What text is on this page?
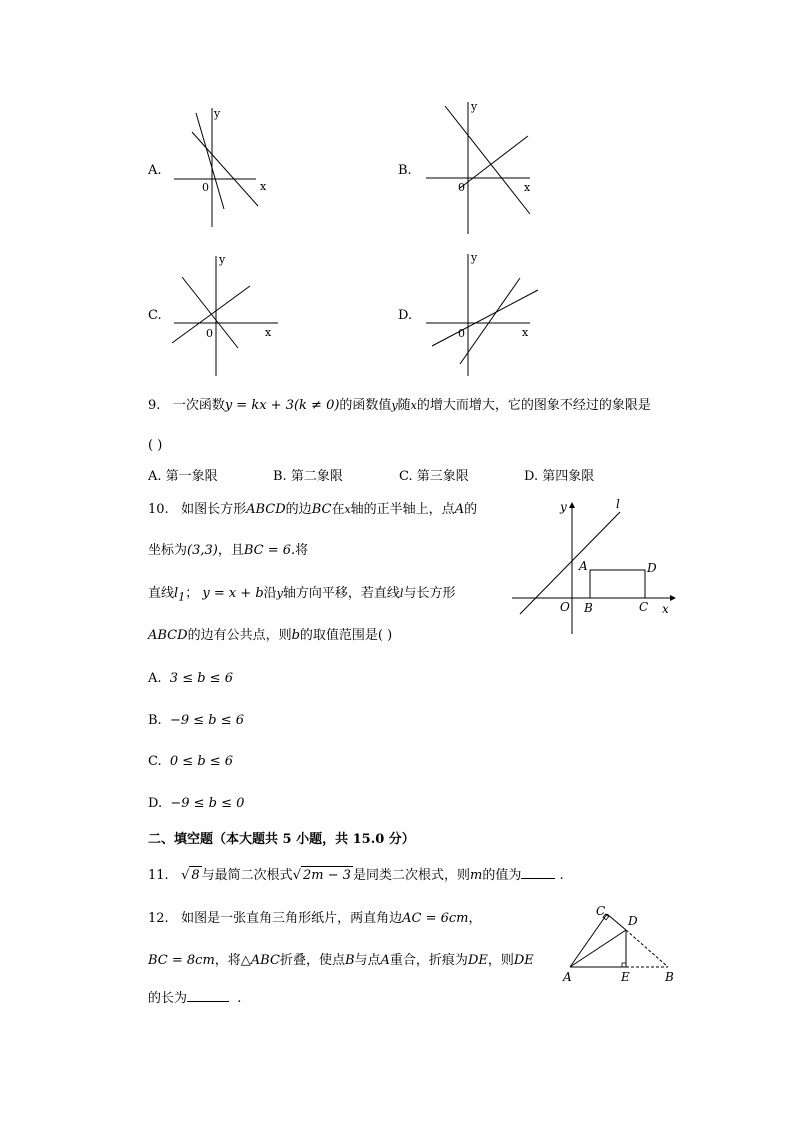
A.
y
x
0
B.
y
x
0
C.
y
x
0
D.
y
x
0
9. 一次函数y = kx + 3(k ≠ 0)的函数值y随x的增大而增大，它的图象不经过的象限是
( )
A. 第一象限	B. 第二象限	C. 第三象限	D. 第四象限
10. 如图长方形ABCD的边BC在x轴的正半轴上，点A的
坐标为(3,3)，且BC = 6.将
直线$l_1$； y = x + b沿y轴方向平移，若直线l与长方形
ABCD的边有公共点，则b的取值范围是( )
A. 3 ≤ b ≤ 6
B. −9 ≤ b ≤ 6
C. 0 ≤ b ≤ 6
D. −9 ≤ b ≤ 0
y
x
l
A	D
O B	C
二、填空题（本大题共 5 小题，共 15.0 分）
11. √ 8 与最简二次根式√ 2m − 3 是同类二次根式，则m的值为	.
12. 如图是一张直角三角形纸片，两直角边AC = 6cm，
BC = 8cm，将△ABC折叠，使点B与点A重合，折痕为DE，则DE
的长为	.
C
D
A	E	B
